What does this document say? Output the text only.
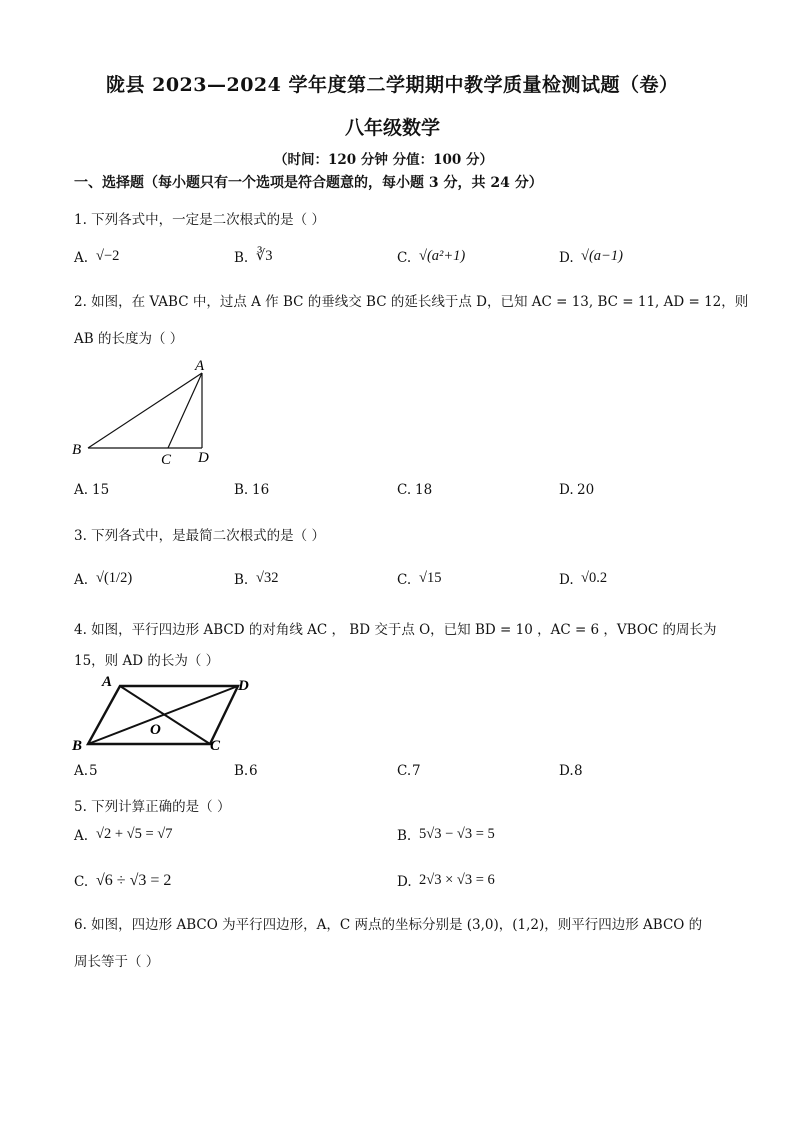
陇县 2023—2024 学年度第二学期期中教学质量检测试题（卷）
八年级数学
（时间：120 分钟 分值：100 分）
一、选择题（每小题只有一个选项是符合题意的，每小题 3 分，共 24 分）
1. 下列各式中，一定是二次根式的是（ ）
A. √−2	B. ∛3	C. √(a²+1)	D. √(a−1)
2. 如图，在 VABC 中，过点 A 作 BC 的垂线交 BC 的延长线于点 D，已知 AC = 13, BC = 11, AD = 12，则
AB 的长度为（ ）
A
B
C D
A. 15	B. 16	C. 18	D. 20
3. 下列各式中，是最简二次根式的是（ ）
A. √(1/2)	B. √32	C. √15	D. √0.2
4. 如图，平行四边形 ABCD 的对角线 AC ， BD 交于点 O，已知 BD = 10 ，AC = 6 ，VBOC 的周长为
15，则 AD 的长为（ ）
A	D
B	C
O
A. 5	B. 6	C. 7	D. 8
5. 下列计算正确的是（ ）
A. √2 + √5 = √7	B. 5√3 − √3 = 5
C. √6 ÷ √3 = 2	D. 2√3 × √3 = 6
6. 如图，四边形 ABCO 为平行四边形，A，C 两点的坐标分别是 (3,0)，(1,2)，则平行四边形 ABCO 的
周长等于（ ）
